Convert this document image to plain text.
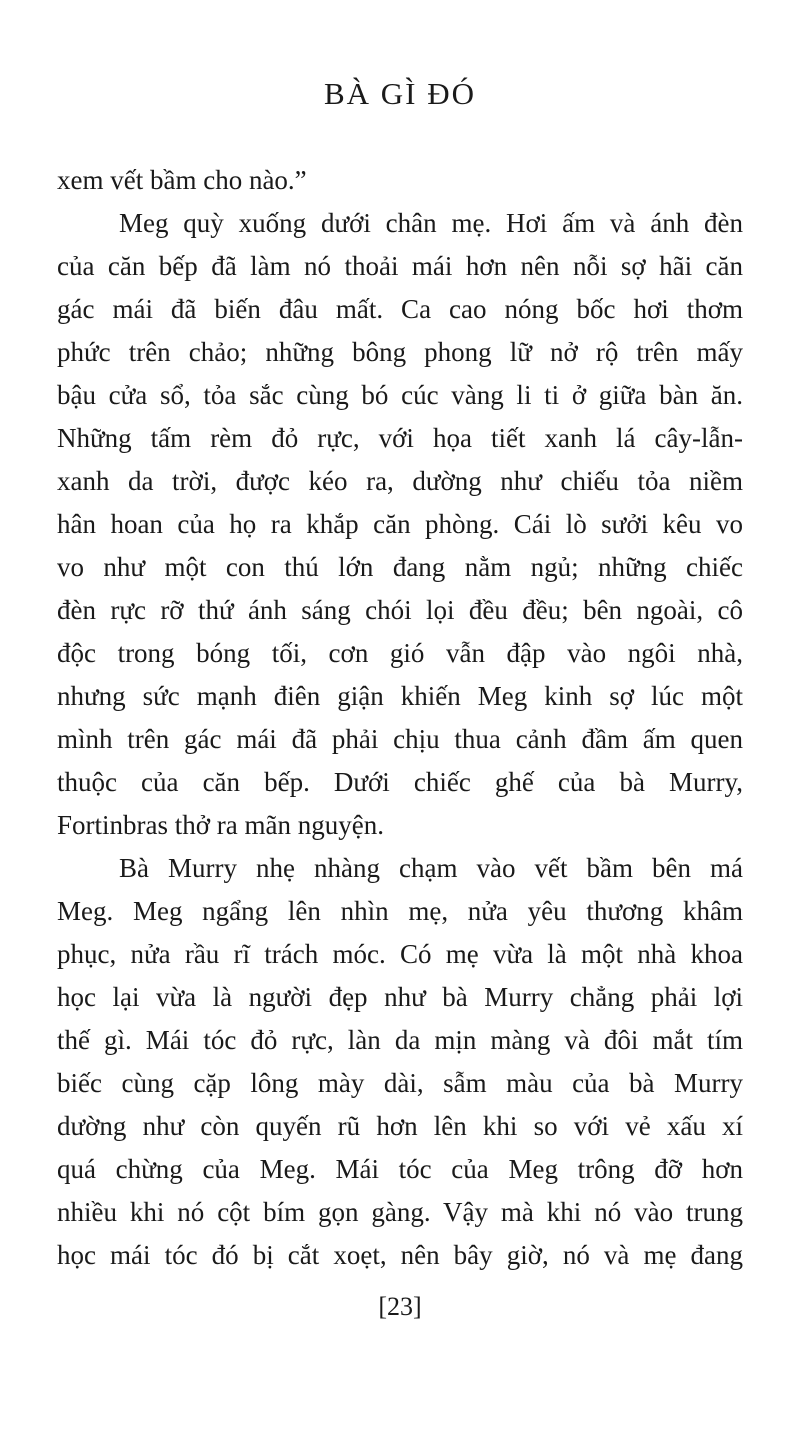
BÀ GÌ ĐÓ
xem vết bầm cho nào.”
Meg quỳ xuống dưới chân mẹ. Hơi ấm và ánh đèn
của căn bếp đã làm nó thoải mái hơn nên nỗi sợ hãi căn
gác mái đã biến đâu mất. Ca cao nóng bốc hơi thơm
phức trên chảo; những bông phong lữ nở rộ trên mấy
bậu cửa sổ, tỏa sắc cùng bó cúc vàng li ti ở giữa bàn ăn.
Những tấm rèm đỏ rực, với họa tiết xanh lá cây-lẫn-
xanh da trời, được kéo ra, dường như chiếu tỏa niềm
hân hoan của họ ra khắp căn phòng. Cái lò sưởi kêu vo
vo như một con thú lớn đang nằm ngủ; những chiếc
đèn rực rỡ thứ ánh sáng chói lọi đều đều; bên ngoài, cô
độc trong bóng tối, cơn gió vẫn đập vào ngôi nhà,
nhưng sức mạnh điên giận khiến Meg kinh sợ lúc một
mình trên gác mái đã phải chịu thua cảnh đầm ấm quen
thuộc của căn bếp. Dưới chiếc ghế của bà Murry,
Fortinbras thở ra mãn nguyện.
Bà Murry nhẹ nhàng chạm vào vết bầm bên má
Meg. Meg ngẩng lên nhìn mẹ, nửa yêu thương khâm
phục, nửa rầu rĩ trách móc. Có mẹ vừa là một nhà khoa
học lại vừa là người đẹp như bà Murry chẳng phải lợi
thế gì. Mái tóc đỏ rực, làn da mịn màng và đôi mắt tím
biếc cùng cặp lông mày dài, sẫm màu của bà Murry
dường như còn quyến rũ hơn lên khi so với vẻ xấu xí
quá chừng của Meg. Mái tóc của Meg trông đỡ hơn
nhiều khi nó cột bím gọn gàng. Vậy mà khi nó vào trung
học mái tóc đó bị cắt xoẹt, nên bây giờ, nó và mẹ đang
[23]
